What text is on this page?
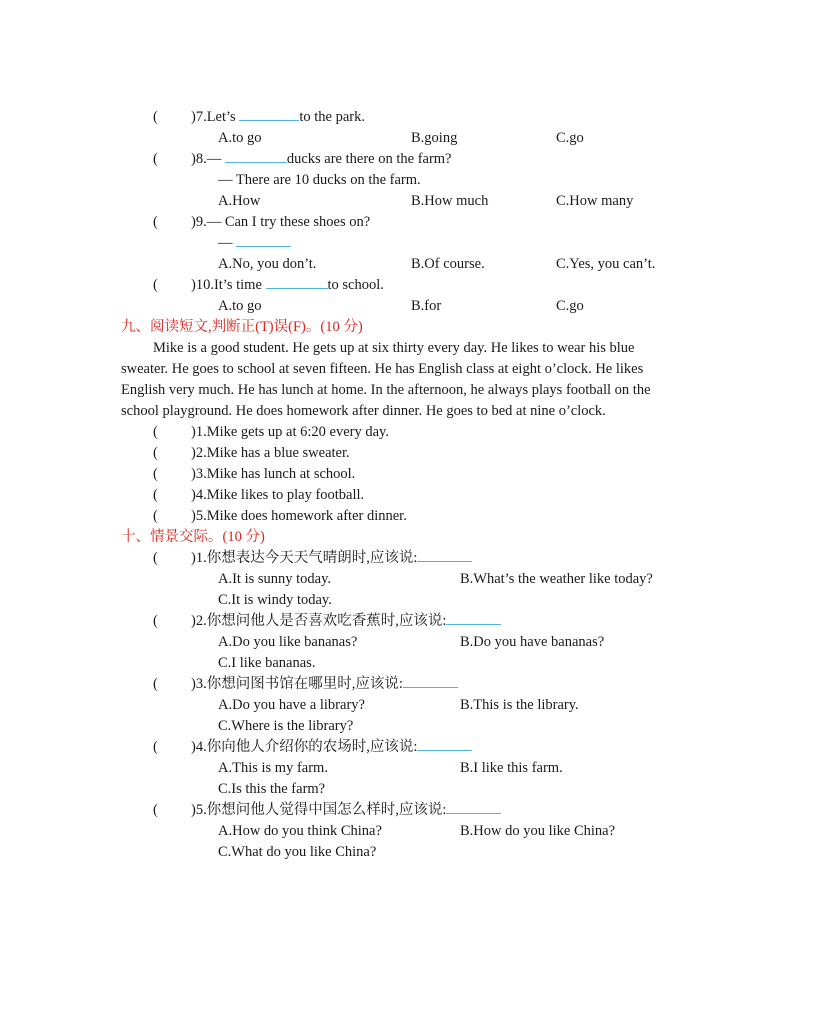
( )7.Let’s	to the park.
A.to go	B.going	C.go
( )8.—	ducks are there on the farm?
— There are 10 ducks on the farm.
A.How	B.How much	C.How many
( )9.— Can I try these shoes on?
—
A.No, you don’t.	B.Of course.	C.Yes, you can’t.
( )10.It’s time	to school.
A.to go	B.for	C.go
九、阅读短文,判断正(T)误(F)。(10 分)
Mike is a good student. He gets up at six thirty every day. He likes to wear his blue
sweater. He goes to school at seven fifteen. He has English class at eight o’clock. He likes
English very much. He has lunch at home. In the afternoon, he always plays football on the
school playground. He does homework after dinner. He goes to bed at nine o’clock.
( )1.Mike gets up at 6:20 every day.
( )2.Mike has a blue sweater.
( )3.Mike has lunch at school.
( )4.Mike likes to play football.
( )5.Mike does homework after dinner.
十、情景交际。(10 分)
( )1.你想表达今天天气晴朗时,应该说:
A.It is sunny today.	B.What’s the weather like today?
C.It is windy today.
( )2.你想问他人是否喜欢吃香蕉时,应该说:
A.Do you like bananas?	B.Do you have bananas?
C.I like bananas.
( )3.你想问图书馆在哪里时,应该说:
A.Do you have a library?	B.This is the library.
C.Where is the library?
( )4.你向他人介绍你的农场时,应该说:
A.This is my farm.	B.I like this farm.
C.Is this the farm?
( )5.你想问他人觉得中国怎么样时,应该说:
A.How do you think China?	B.How do you like China?
C.What do you like China?
